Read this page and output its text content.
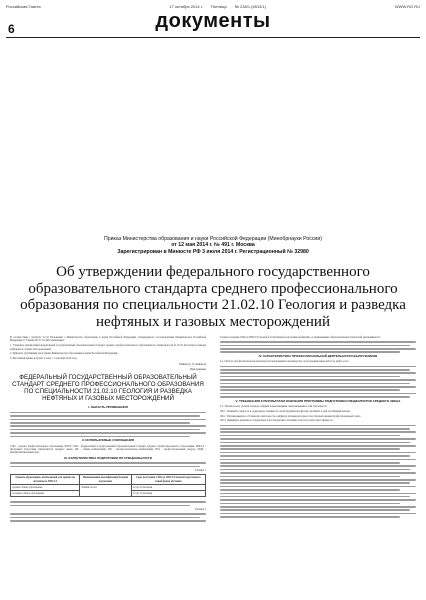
Российская Газета	17 октября 2014 г. Пятница № 238/1 (6513/1)	WWW.RG.RU
6	документы
Приказ Министерства образования и науки Российской Федерации (Минобрнауки России)
от 12 мая 2014 г. № 491 г. Москва
Зарегистрирован в Минюсте РФ 3 июля 2014 г. Регистрационный № 32980
Об утверждении федерального государственного образовательного стандарта среднего профессионального образования по специальности 21.02.10 Геология и разведка нефтяных и газовых месторождений

В соответствии с пунктом 5.2.41 Положения о Министерстве образования и науки Российской Федерации, утвержденного постановлением Правительства Российской Федерации от 3 июня 2013 г. № 466, приказываю:

1. Утвердить прилагаемый федеральный государственный образовательный стандарт среднего профессионального образования по специальности 21.02.10 Геология и разведка нефтяных и газовых месторождений.

2. Признать утратившим силу приказ Министерства образования и науки Российской Федерации.

3. Настоящий приказ вступает в силу с 1 сентября 2014 года.

Министр Д. Ливанов
Приложение
ФЕДЕРАЛЬНЫЙ ГОСУДАРСТВЕННЫЙ ОБРАЗОВАТЕЛЬНЫЙ СТАНДАРТ СРЕДНЕГО ПРОФЕССИОНАЛЬНОГО ОБРАЗОВАНИЯ ПО СПЕЦИАЛЬНОСТИ 21.02.10 ГЕОЛОГИЯ И РАЗВЕДКА НЕФТЯНЫХ И ГАЗОВЫХ МЕСТОРОЖДЕНИЙ
I. ОБЛАСТЬ ПРИМЕНЕНИЯ
II. ИСПОЛЬЗУЕМЫЕ СОКРАЩЕНИЯ

СПО - среднее профессиональное образование; ФГОС СПО - федеральный государственный образовательный стандарт среднего профессионального образования; ППССЗ - программа подготовки специалистов среднего звена; ОК - общая компетенция; ПК - профессиональная компетенция; ПМ - профессиональный модуль; МДК - междисциплинарный курс.

III. ХАРАКТЕРИСТИКА ПОДГОТОВКИ ПО СПЕЦИАЛЬНОСТИ
Таблица 1
Уровень образования, необходимый для приема на обучение по ППССЗ	Наименование квалификации базовой подготовки	Срок получения СПО по ППССЗ базовой подготовки в очной форме обучения
среднее общее образование	Техник-геолог	2 года 10 месяцев
основное общее образование		3 года 10 месяцев
Таблица 2

Сроки получения СПО по ППССЗ базовой и углубленной подготовки независимо от применяемых образовательных технологий увеличиваются:

IV. ХАРАКТЕРИСТИКА ПРОФЕССИОНАЛЬНОЙ ДЕЯТЕЛЬНОСТИ ВЫПУСКНИКОВ

4.1. Область профессиональной деятельности выпускников: производство геологоразведочных работ на нефть и газ.

V. ТРЕБОВАНИЯ К РЕЗУЛЬТАТАМ ОСВОЕНИЯ ПРОГРАММЫ ПОДГОТОВКИ СПЕЦИАЛИСТОВ СРЕДНЕГО ЗВЕНА

5.1. Техник-геолог должен обладать общими компетенциями, включающими в себя способность:

ОК 1. Понимать сущность и социальную значимость своей будущей профессии, проявлять к ней устойчивый интерес.

ОК 2. Организовывать собственную деятельность, выбирать типовые методы и способы выполнения профессиональных задач.

ОК 3. Принимать решения в стандартных и нестандартных ситуациях и нести за них ответственность.
